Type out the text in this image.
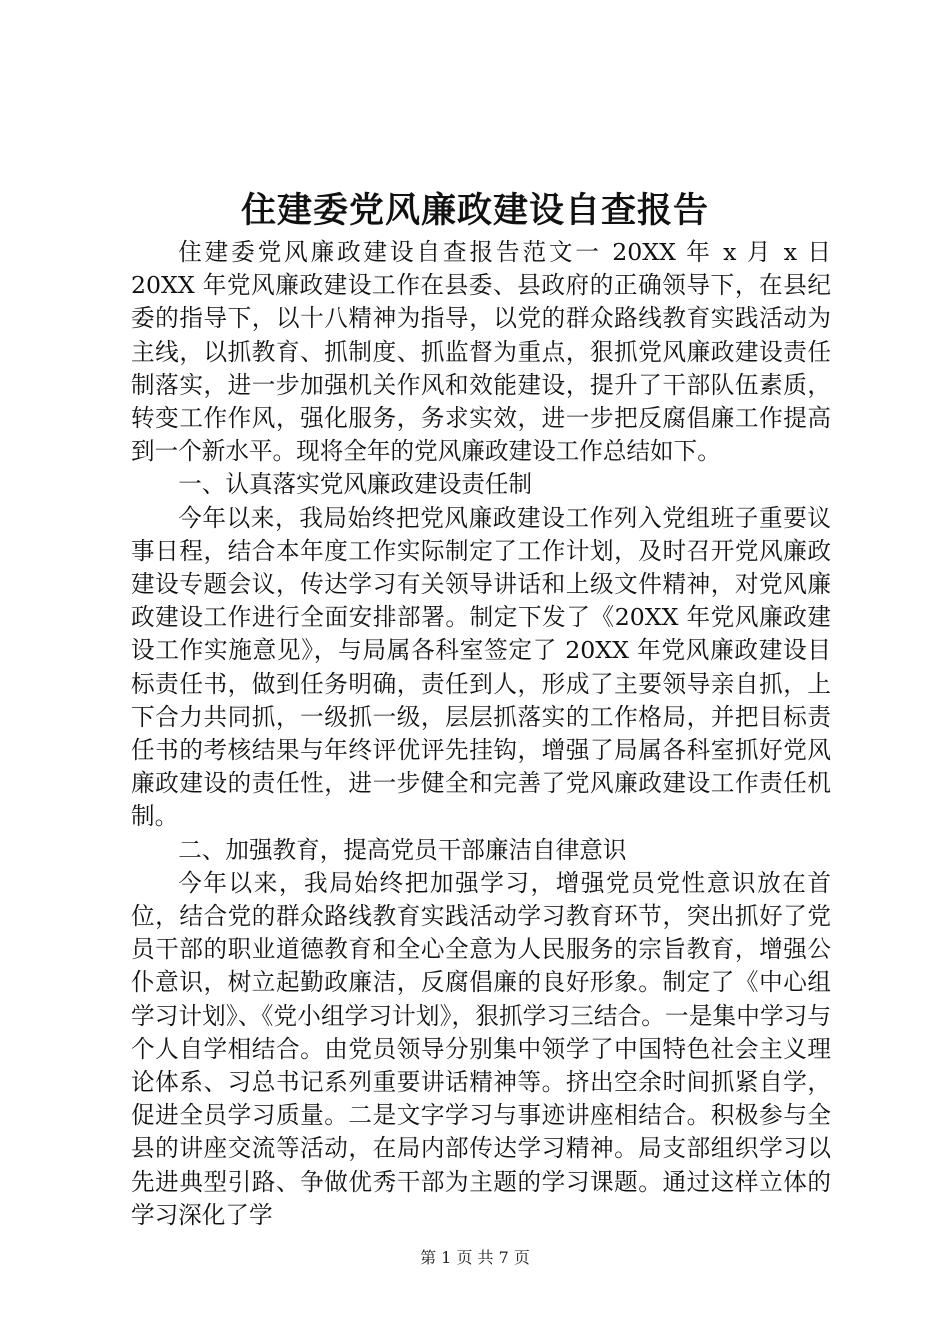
住建委党风廉政建设自查报告

住建委党风廉政建设自查报告范文一 20XX 年 x 月 x 日 20XX 年党风廉政建设工作在县委、县政府的正确领导下，在县纪委的指导下，以十八精神为指导，以党的群众路线教育实践活动为主线，以抓教育、抓制度、抓监督为重点，狠抓党风廉政建设责任制落实，进一步加强机关作风和效能建设，提升了干部队伍素质，转变工作作风，强化服务，务求实效，进一步把反腐倡廉工作提高到一个新水平。现将全年的党风廉政建设工作总结如下。

一、认真落实党风廉政建设责任制

今年以来，我局始终把党风廉政建设工作列入党组班子重要议事日程，结合本年度工作实际制定了工作计划，及时召开党风廉政建设专题会议，传达学习有关领导讲话和上级文件精神，对党风廉政建设工作进行全面安排部署。制定下发了《20XX 年党风廉政建设工作实施意见》，与局属各科室签定了 20XX 年党风廉政建设目标责任书，做到任务明确，责任到人，形成了主要领导亲自抓，上下合力共同抓，一级抓一级，层层抓落实的工作格局，并把目标责任书的考核结果与年终评优评先挂钩，增强了局属各科室抓好党风廉政建设的责任性，进一步健全和完善了党风廉政建设工作责任机制。

二、加强教育，提高党员干部廉洁自律意识

今年以来，我局始终把加强学习，增强党员党性意识放在首位，结合党的群众路线教育实践活动学习教育环节，突出抓好了党员干部的职业道德教育和全心全意为人民服务的宗旨教育，增强公仆意识，树立起勤政廉洁，反腐倡廉的良好形象。制定了《中心组学习计划》、《党小组学习计划》，狠抓学习三结合。一是集中学习与个人自学相结合。由党员领导分别集中领学了中国特色社会主义理论体系、习总书记系列重要讲话精神等。挤出空余时间抓紧自学，促进全员学习质量。二是文字学习与事迹讲座相结合。积极参与全县的讲座交流等活动，在局内部传达学习精神。局支部组织学习以先进典型引路、争做优秀干部为主题的学习课题。通过这样立体的学习深化了学

第 1 页 共 7 页
